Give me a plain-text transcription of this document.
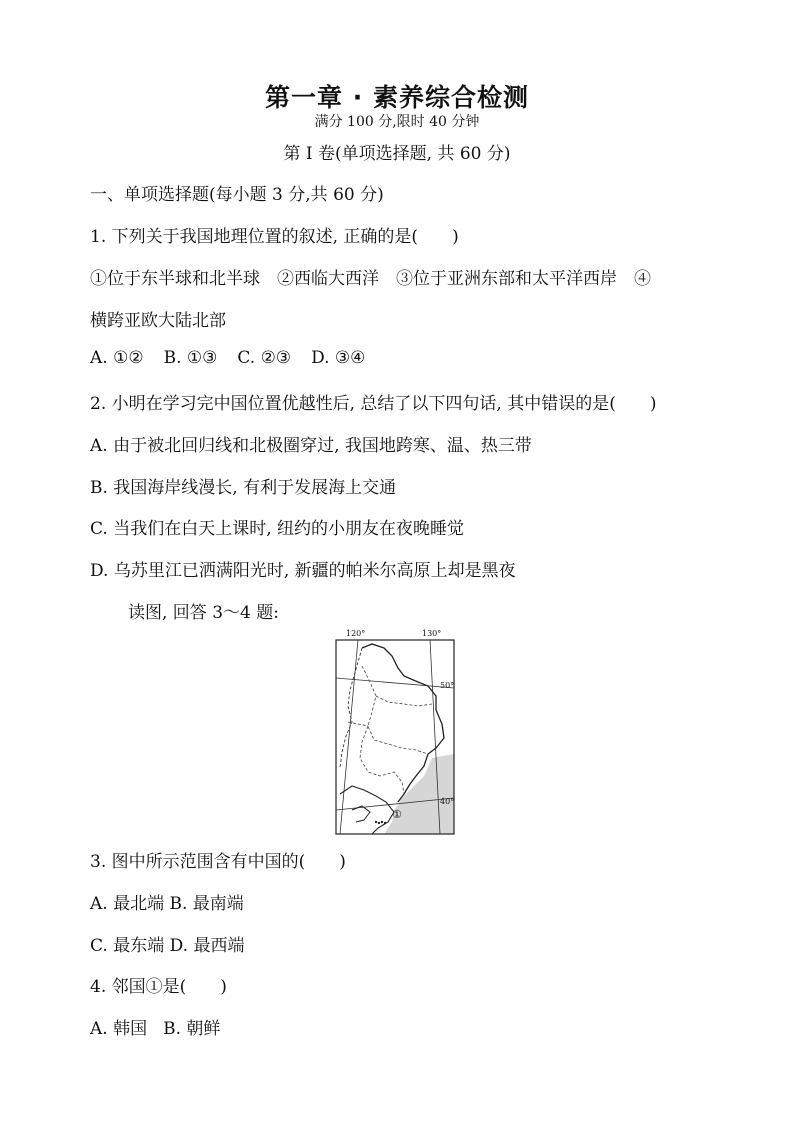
第一章 · 素养综合检测
满分 100 分,限时 40 分钟
第 Ⅰ 卷(单项选择题, 共 60 分)
一、单项选择题(每小题 3 分,共 60 分)
1. 下列关于我国地理位置的叙述, 正确的是(　　)
①位于东半球和北半球　②西临大西洋　③位于亚洲东部和太平洋西岸　④
横跨亚欧大陆北部
A. ①② B. ①③ C. ②③ D. ③④
2. 小明在学习完中国位置优越性后, 总结了以下四句话, 其中错误的是(　　)
A. 由于被北回归线和北极圈穿过, 我国地跨寒、温、热三带
B. 我国海岸线漫长, 有利于发展海上交通
C. 当我们在白天上课时, 纽约的小朋友在夜晚睡觉
D. 乌苏里江已洒满阳光时, 新疆的帕米尔高原上却是黑夜
读图, 回答 3～4 题:
120°	130°
50°
40°
①
3. 图中所示范围含有中国的(　　)
A. 最北端 B. 最南端
C. 最东端 D. 最西端
4. 邻国①是(　　)
A. 韩国 B. 朝鲜
